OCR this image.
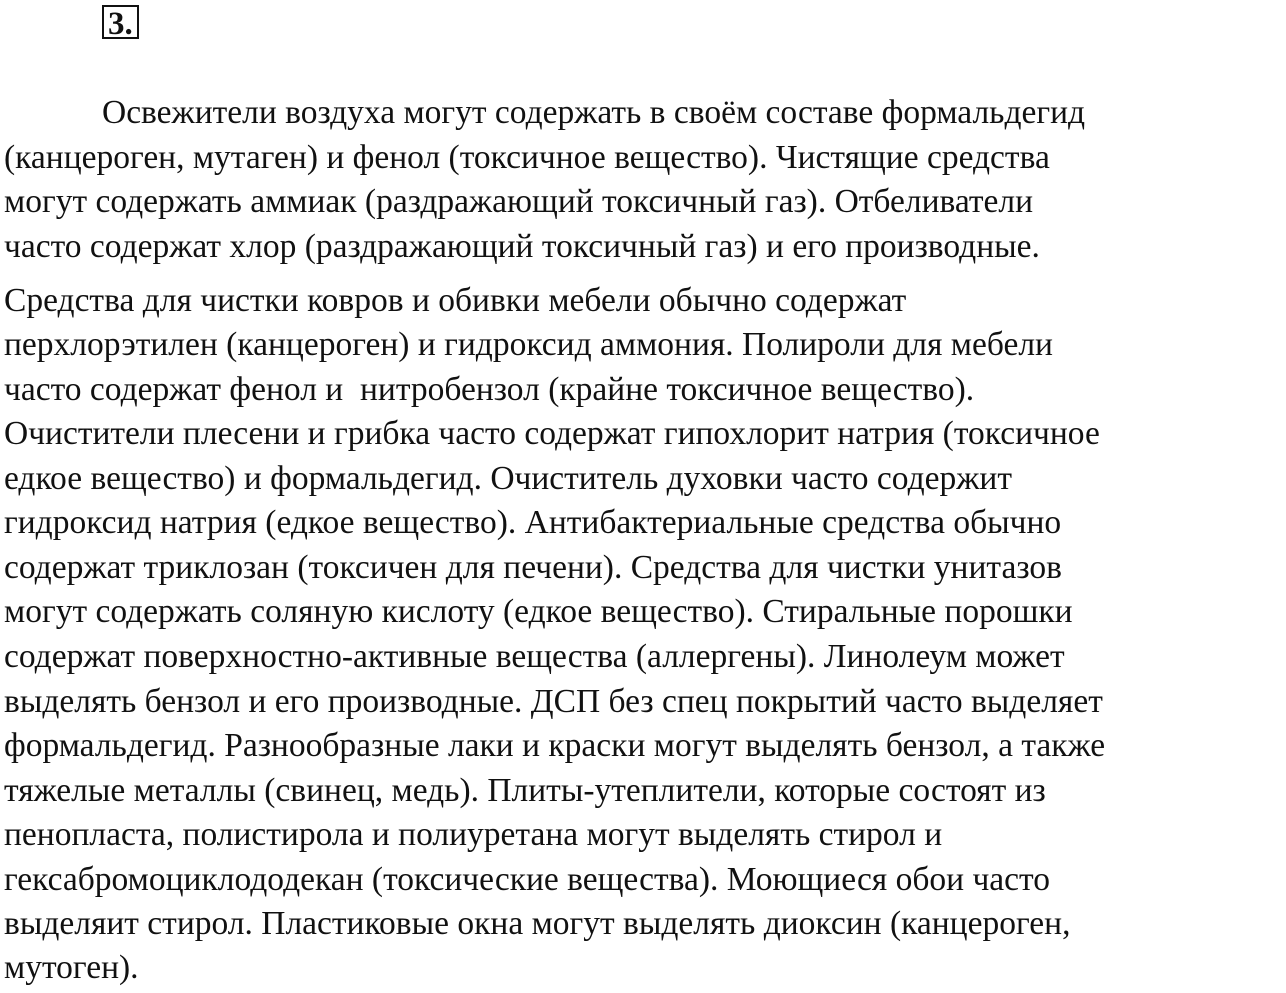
3.
Освежители воздуха могут содержать в своём составе формальдегид
(канцероген, мутаген) и фенол (токсичное вещество). Чистящие средства
могут содержать аммиак (раздражающий токсичный газ). Отбеливатели
часто содержат хлор (раздражающий токсичный газ) и его производные.
Средства для чистки ковров и обивки мебели обычно содержат
перхлорэтилен (канцероген) и гидроксид аммония. Полироли для мебели
часто содержат фенол и  нитробензол (крайне токсичное вещество).
Очистители плесени и грибка часто содержат гипохлорит натрия (токсичное
едкое вещество) и формальдегид. Очиститель духовки часто содержит
гидроксид натрия (едкое вещество). Антибактериальные средства обычно
содержат триклозан (токсичен для печени). Средства для чистки унитазов
могут содержать соляную кислоту (едкое вещество). Стиральные порошки
содержат поверхностно-активные вещества (аллергены). Линолеум может
выделять бензол и его производные. ДСП без спец покрытий часто выделяет
формальдегид. Разнообразные лаки и краски могут выделять бензол, а также
тяжелые металлы (свинец, медь). Плиты-утеплители, которые состоят из
пенопласта, полистирола и полиуретана могут выделять стирол и
гексабромоциклододекан (токсические вещества). Моющиеся обои часто
выделяит стирол. Пластиковые окна могут выделять диоксин (канцероген,
мутоген).
